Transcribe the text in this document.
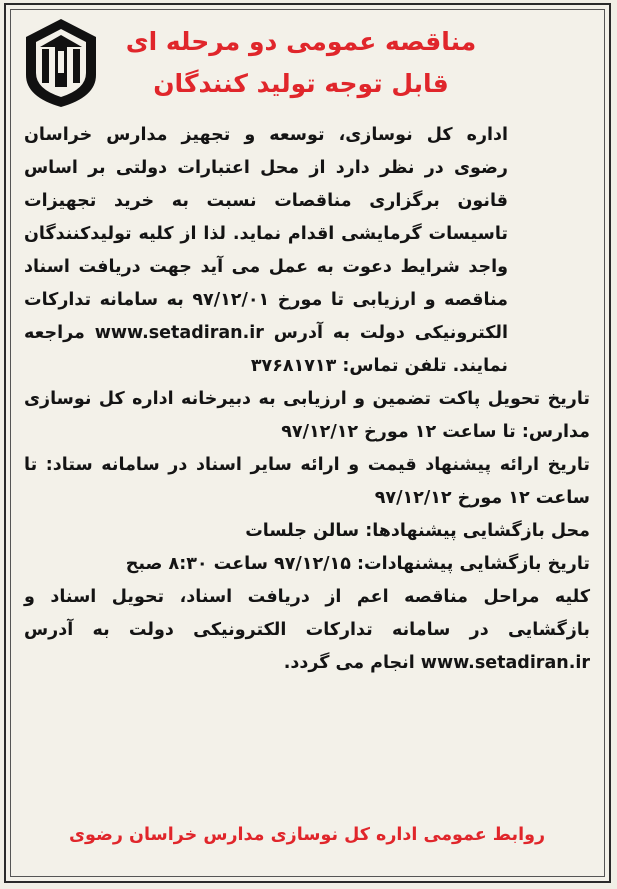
مناقصه عمومی دو مرحله ای
قابل توجه تولید کنندگان

اداره کل نوسازی، توسعه و تجهیز مدارس خراسان رضوی در نظر دارد از محل اعتبارات دولتی بر اساس قانون برگزاری مناقصات نسبت به خرید تجهیزات تاسیسات گرمایشی اقدام نماید. لذا از کلیه تولیدکنندگان واجد شرایط دعوت به عمل می آید جهت دریافت اسناد مناقصه و ارزیابی تا مورخ ۹۷/۱۲/۰۱ به سامانه تدارکات الکترونیکی دولت به آدرس www.setadiran.ir مراجعه نمایند. تلفن تماس: ۳۷۶۸۱۷۱۳

تاریخ تحویل پاکت تضمین و ارزیابی به دبیرخانه اداره کل نوسازی مدارس: تا ساعت ۱۲ مورخ ۹۷/۱۲/۱۲

تاریخ ارائه پیشنهاد قیمت و ارائه سایر اسناد در سامانه ستاد: تا ساعت ۱۲ مورخ ۹۷/۱۲/۱۲

محل بازگشایی پیشنهادها: سالن جلسات

تاریخ بازگشایی پیشنهادات: ۹۷/۱۲/۱۵ ساعت ۸:۳۰ صبح

کلیه مراحل مناقصه اعم از دریافت اسناد، تحویل اسناد و بازگشایی در سامانه تدارکات الکترونیکی دولت به آدرس www.setadiran.ir انجام می گردد.

روابط عمومی اداره کل نوسازی مدارس خراسان رضوی
